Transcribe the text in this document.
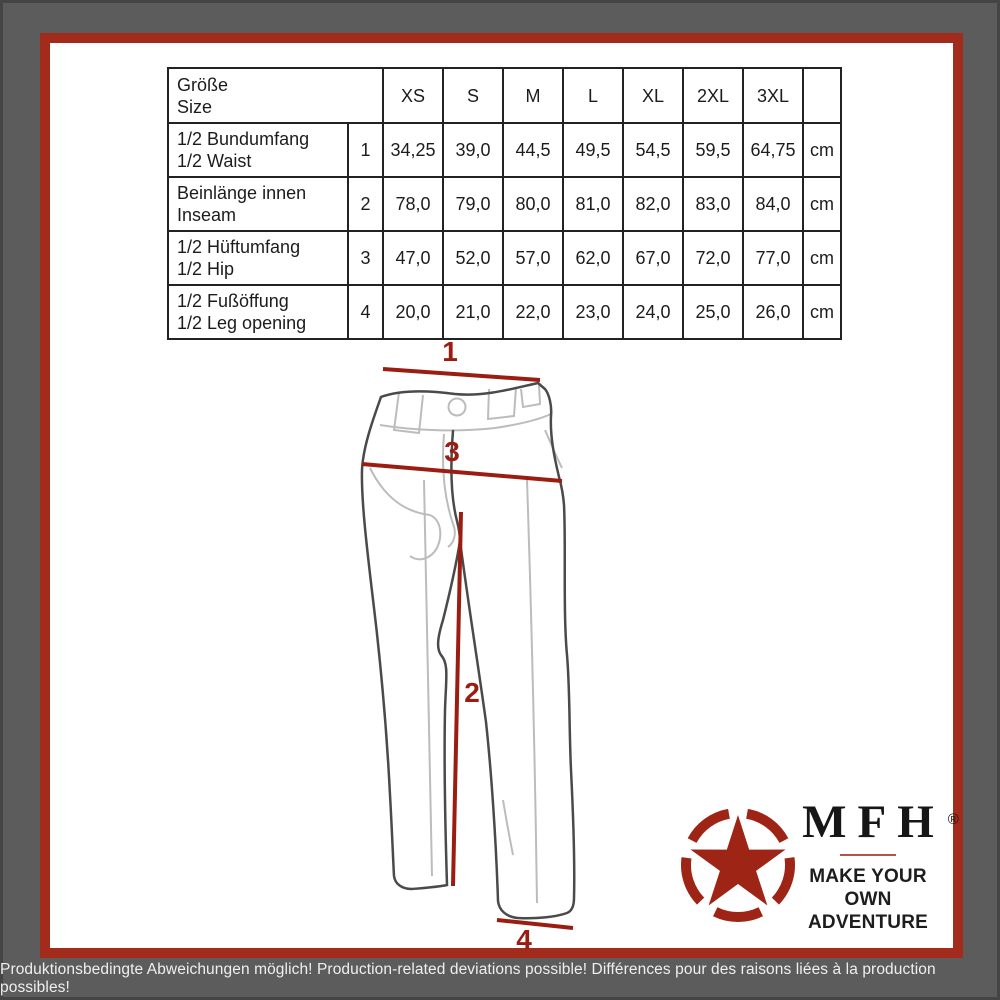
Größe
Size		XS	S	M	L	XL	2XL	3XL	

1/2 Bundumfang
1/2 Waist	1	34,25	39,0	44,5	49,5	54,5	59,5	64,75	cm

Beinlänge innen
Inseam	2	78,0	79,0	80,0	81,0	82,0	83,0	84,0	cm

1/2 Hüftumfang
1/2 Hip	3	47,0	52,0	57,0	62,0	67,0	72,0	77,0	cm

1/2 Fußöffung
1/2 Leg opening	4	20,0	21,0	22,0	23,0	24,0	25,0	26,0	cm
1
3
2
4
MFH ®
MAKE YOUR OWN
ADVENTURE
Produktionsbedingte Abweichungen möglich! Production-related deviations possible! Différences pour des raisons liées à la production possibles!
